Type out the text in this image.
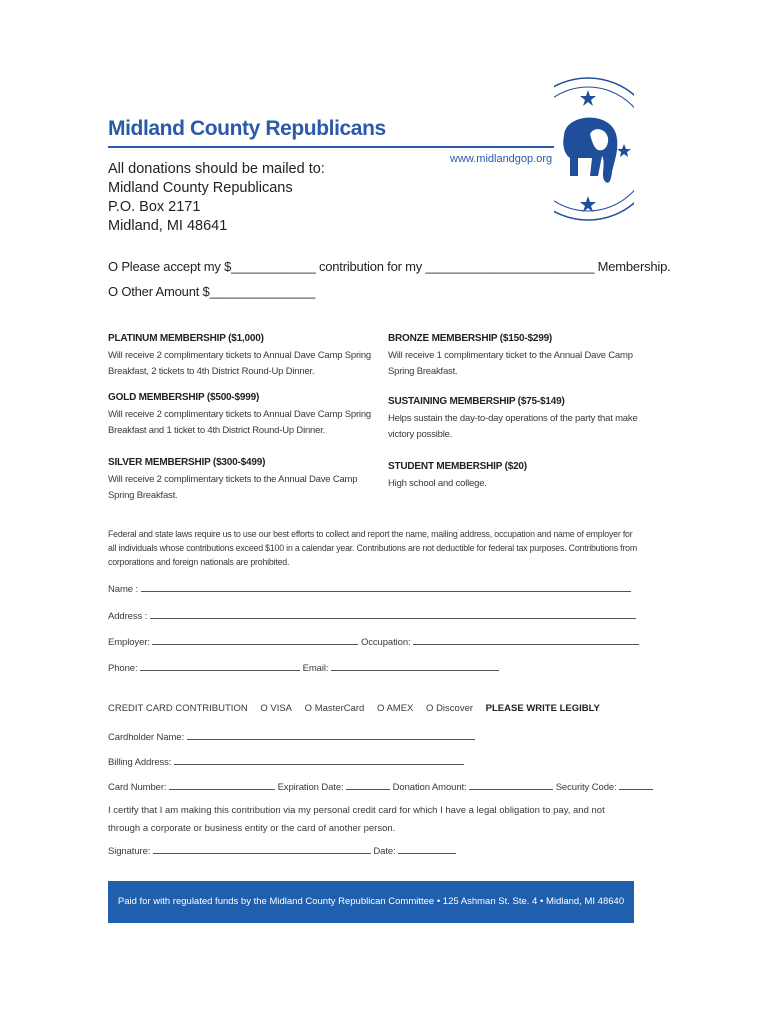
Midland County Republicans
www.midlandgop.org
All donations should be mailed to:
Midland County Republicans
P.O. Box 2171
Midland, MI 48641
O Please accept my $____________ contribution for my ________________________ Membership.
O Other Amount $_______________
PLATINUM MEMBERSHIP ($1,000)
Will receive 2 complimentary tickets to Annual Dave Camp Spring Breakfast, 2 tickets to 4th District Round-Up Dinner.
GOLD MEMBERSHIP ($500-$999)
Will receive 2 complimentary tickets to Annual Dave Camp Spring Breakfast and 1 ticket to 4th District Round-Up Dinner.
SILVER MEMBERSHIP ($300-$499)
Will receive 2 complimentary tickets to the Annual Dave Camp Spring Breakfast.
BRONZE MEMBERSHIP ($150-$299)
Will receive 1 complimentary ticket to the Annual Dave Camp Spring Breakfast.
SUSTAINING MEMBERSHIP ($75-$149)
Helps sustain the day-to-day operations of the party that make victory possible.
STUDENT MEMBERSHIP ($20)
High school and college.
Federal and state laws require us to use our best efforts to collect and report the name, mailing address, occupation and name of employer for all individuals whose contributions exceed $100 in a calendar year. Contributions are not deductible for federal tax purposes. Contributions from corporations and foreign nationals are prohibited.
Name :
Address :
Employer:	Occupation:
Phone:	Email:
CREDIT CARD CONTRIBUTION O VISA O MasterCard O AMEX O Discover PLEASE WRITE LEGIBLY
Cardholder Name:
Billing Address:
Card Number:	Expiration Date:	Donation Amount:	Security Code:
I certify that I am making this contribution via my personal credit card for which I have a legal obligation to pay, and not through a corporate or business entity or the card of another person.
Signature:	Date:
Paid for with regulated funds by the Midland County Republican Committee • 125 Ashman St. Ste. 4 • Midland, MI 48640
